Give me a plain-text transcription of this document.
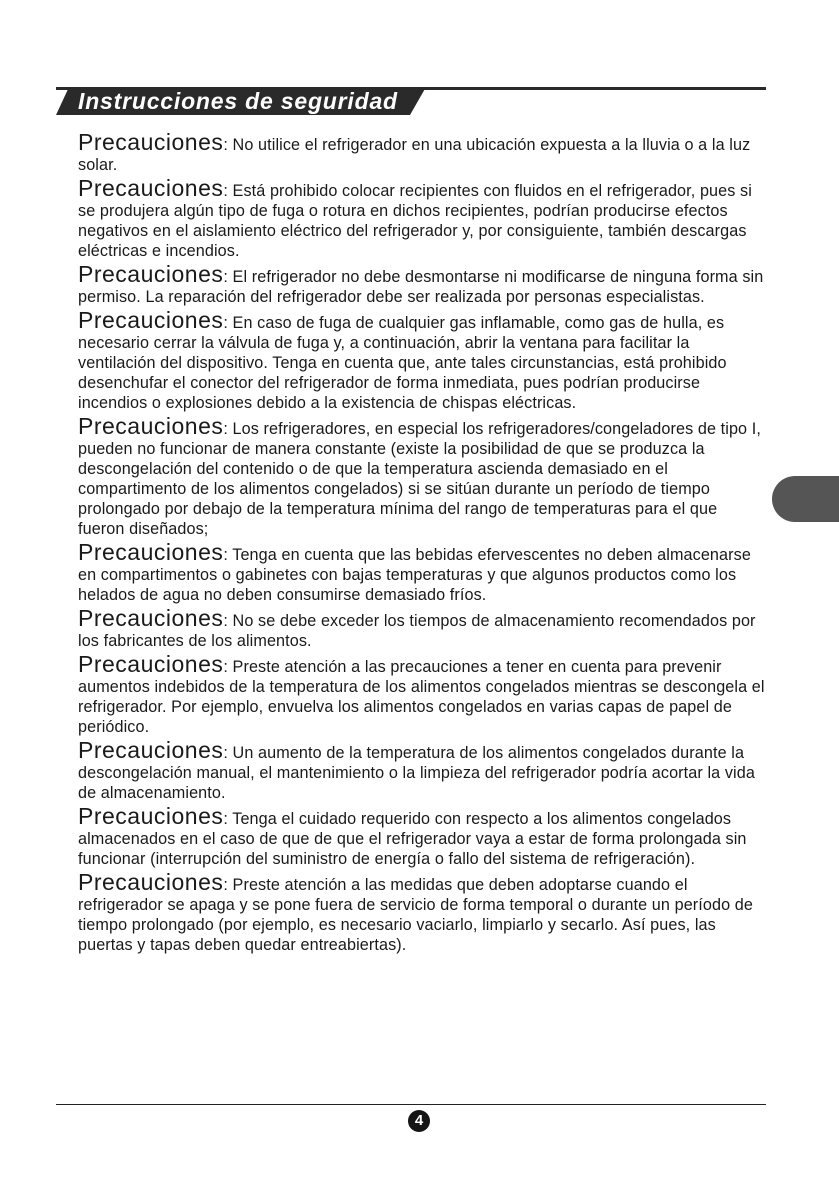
Instrucciones de seguridad

Precauciones: No utilice el refrigerador en una ubicación expuesta a la lluvia o a la luz solar.

Precauciones: Está prohibido colocar recipientes con fluidos en el refrigerador, pues si se produjera algún tipo de fuga o rotura en dichos recipientes, podrían producirse efectos negativos en el aislamiento eléctrico del refrigerador y, por consiguiente, también descargas eléctricas e incendios.

Precauciones: El refrigerador no debe desmontarse ni modificarse de ninguna forma sin permiso. La reparación del refrigerador debe ser realizada por personas especialistas.

Precauciones: En caso de fuga de cualquier gas inflamable, como gas de hulla, es necesario cerrar la válvula de fuga y, a continuación, abrir la ventana para facilitar la ventilación del dispositivo. Tenga en cuenta que, ante tales circunstancias, está prohibido desenchufar el conector del refrigerador de forma inmediata, pues podrían producirse incendios o explosiones debido a la existencia de chispas eléctricas.

Precauciones: Los refrigeradores, en especial los refrigeradores/congeladores de tipo I, pueden no funcionar de manera constante (existe la posibilidad de que se produzca la descongelación del contenido o de que la temperatura ascienda demasiado en el compartimento de los alimentos congelados) si se sitúan durante un período de tiempo prolongado por debajo de la temperatura mínima del rango de temperaturas para el que fueron diseñados;

Precauciones: Tenga en cuenta que las bebidas efervescentes no deben almacenarse en compartimentos o gabinetes con bajas temperaturas y que algunos productos como los helados de agua no deben consumirse demasiado fríos.

Precauciones: No se debe exceder los tiempos de almacenamiento recomendados por los fabricantes de los alimentos.

Precauciones: Preste atención a las precauciones a tener en cuenta para prevenir aumentos indebidos de la temperatura de los alimentos congelados mientras se descongela el refrigerador. Por ejemplo, envuelva los alimentos congelados en varias capas de papel de periódico.

Precauciones: Un aumento de la temperatura de los alimentos congelados durante la descongelación manual, el mantenimiento o la limpieza del refrigerador podría acortar la vida de almacenamiento.

Precauciones: Tenga el cuidado requerido con respecto a los alimentos congelados almacenados en el caso de que de que el refrigerador vaya a estar de forma prolongada sin funcionar (interrupción del suministro de energía o fallo del sistema de refrigeración).

Precauciones: Preste atención a las medidas que deben adoptarse cuando el refrigerador se apaga y se pone fuera de servicio de forma temporal o durante un período de tiempo prolongado (por ejemplo, es necesario vaciarlo, limpiarlo y secarlo. Así pues, las puertas y tapas deben quedar entreabiertas).

4
